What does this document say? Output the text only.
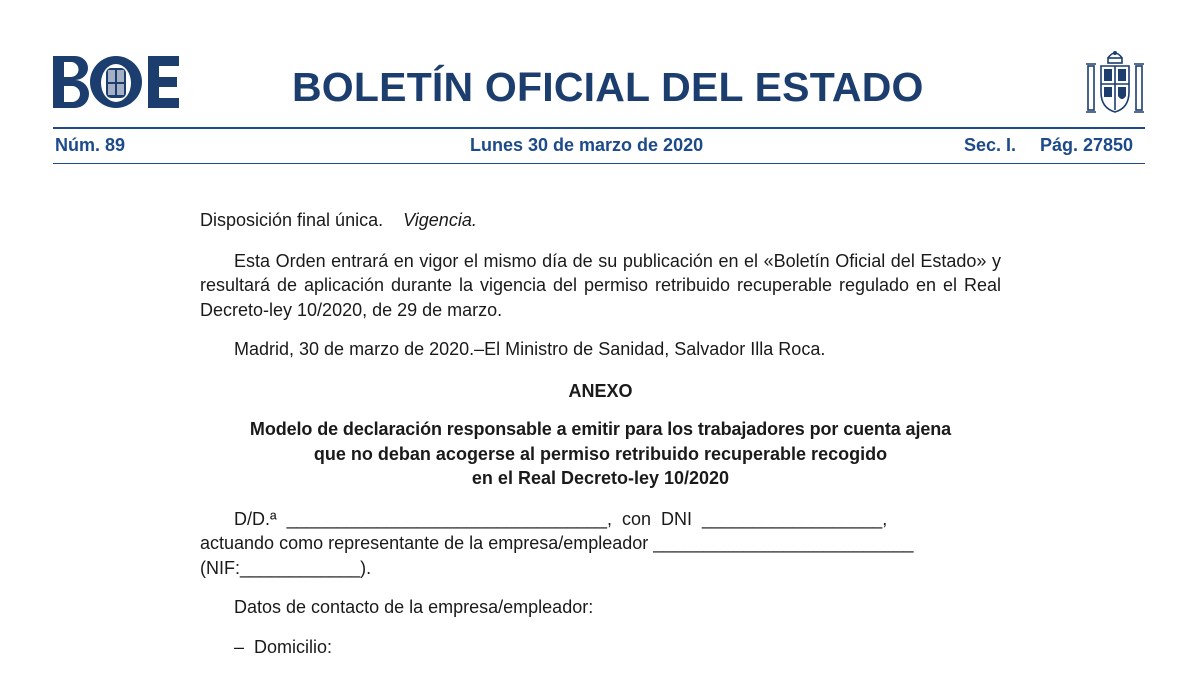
BOLETÍN OFICIAL DEL ESTADO
Núm. 89	Lunes 30 de marzo de 2020	Sec. I. Pág. 27850

Disposición final única. Vigencia.

Esta Orden entrará en vigor el mismo día de su publicación en el «Boletín Oficial del Estado» y resultará de aplicación durante la vigencia del permiso retribuido recuperable regulado en el Real Decreto-ley 10/2020, de 29 de marzo.

Madrid, 30 de marzo de 2020.–El Ministro de Sanidad, Salvador Illa Roca.

ANEXO

Modelo de declaración responsable a emitir para los trabajadores por cuenta ajena

que no deban acogerse al permiso retribuido recuperable recogido

en el Real Decreto-ley 10/2020

D/D.ª  ________________________________,  con  DNI  __________________,

actuando como representante de la empresa/empleador __________________________

(NIF:____________).

Datos de contacto de la empresa/empleador:

–  Domicilio:
